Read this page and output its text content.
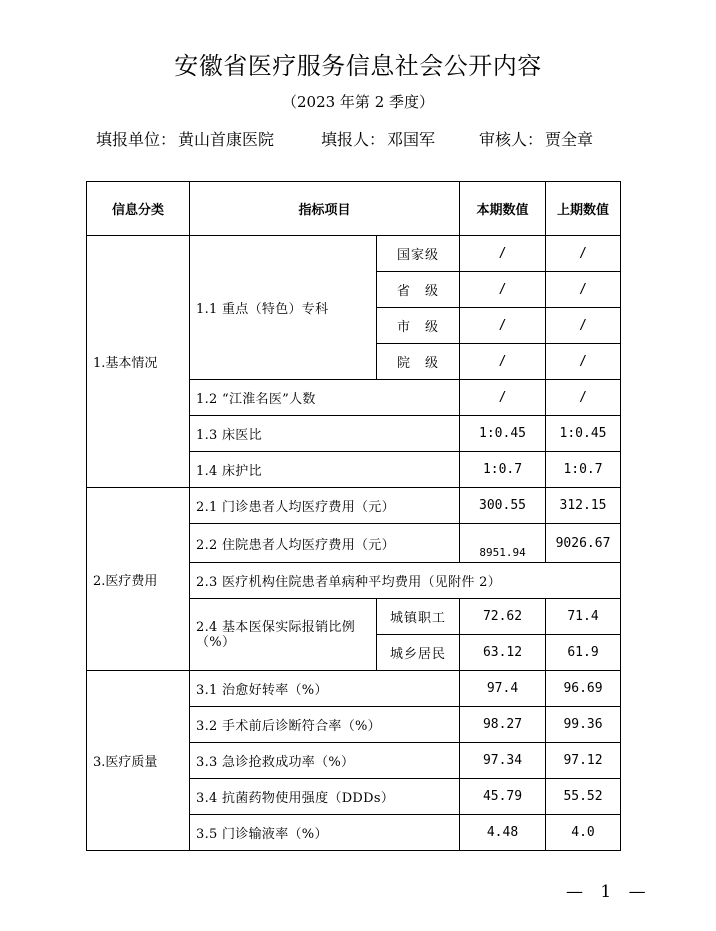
安徽省医疗服务信息社会公开内容
（2023 年第 2 季度）
填报单位： 黄山首康医院	填报人： 邓国军	审核人： 贾全章
信息分类	指标项目		本期数值	上期数值
1.基本情况	1.1 重点（特色）专科	国家级	/	/
		省　级	/	/
		市　级	/	/
		院　级	/	/
	1.2 “江淮名医”人数		/	/
	1.3 床医比		1:0.45	1:0.45
	1.4 床护比		1:0.7	1:0.7
2.医疗费用	2.1 门诊患者人均医疗费用（元）		300.55	312.15
	2.2 住院患者人均医疗费用（元）		8951.94	9026.67
	2.3 医疗机构住院患者单病种平均费用（见附件 2）			
	2.4 基本医保实际报销比例（%）	城镇职工	72.62	71.4
		城乡居民	63.12	61.9
3.医疗质量	3.1 治愈好转率（%）		97.4	96.69
	3.2 手术前后诊断符合率（%）		98.27	99.36
	3.3 急诊抢救成功率（%）		97.34	97.12
	3.4 抗菌药物使用强度（DDDs）		45.79	55.52
	3.5 门诊输液率（%）		4.48	4.0
— 1 —
